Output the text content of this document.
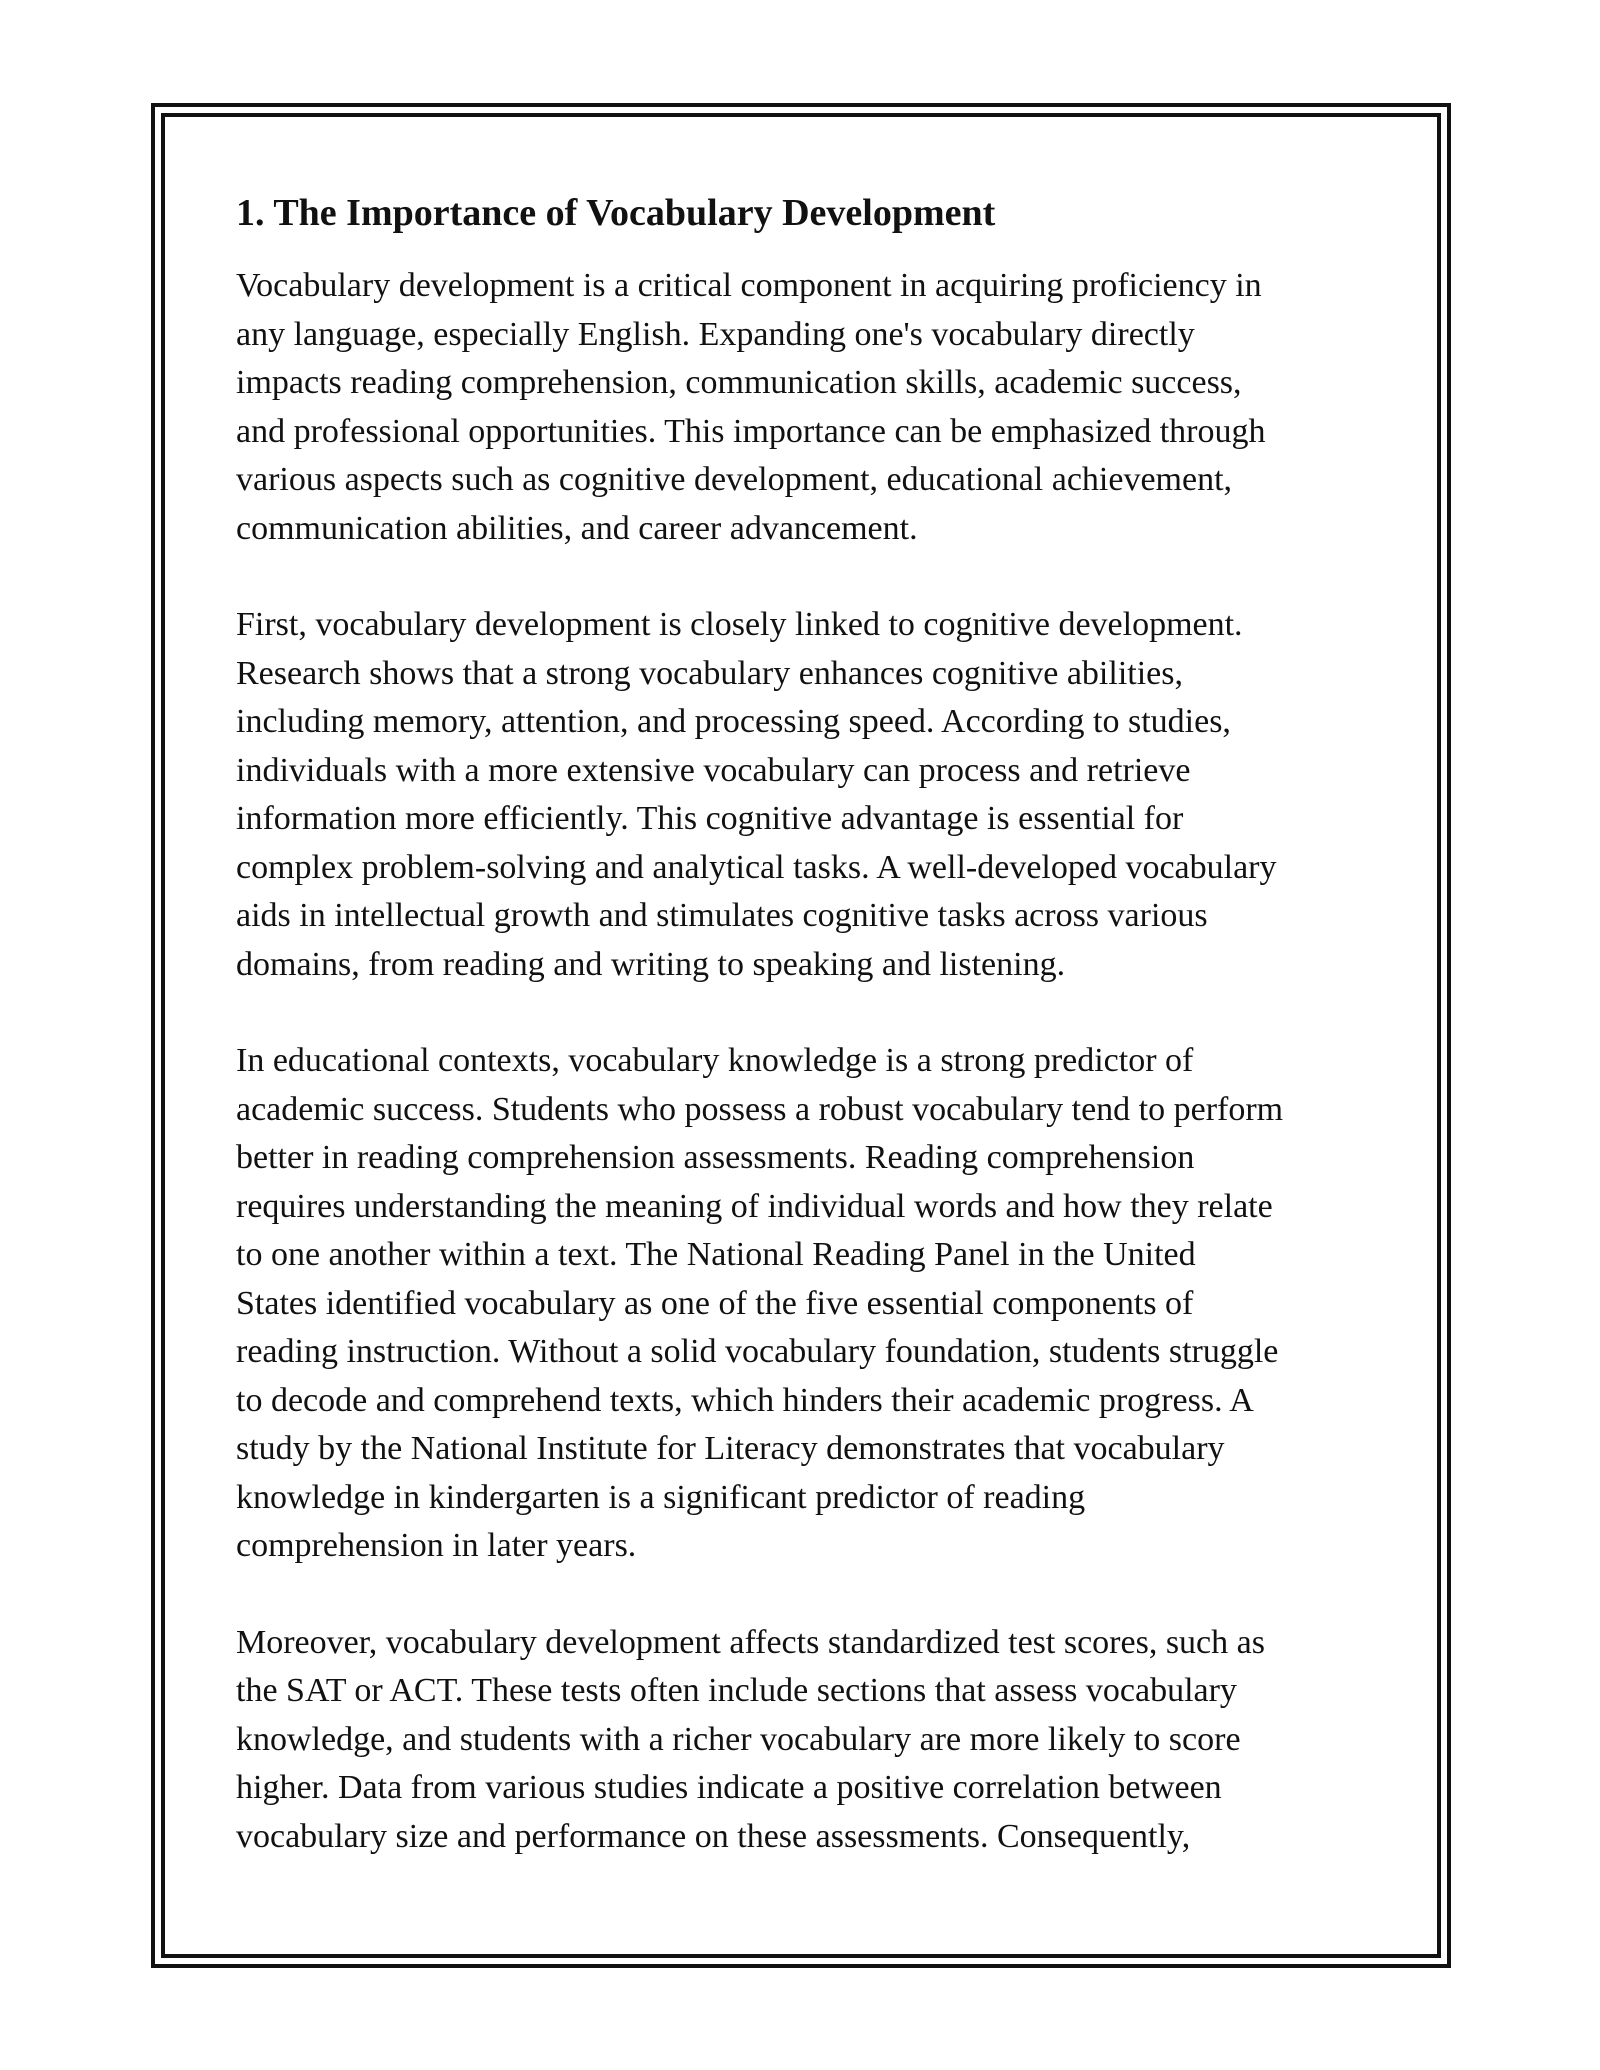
1. The Importance of Vocabulary Development

Vocabulary development is a critical component in acquiring proficiency in
any language, especially English. Expanding one's vocabulary directly
impacts reading comprehension, communication skills, academic success,
and professional opportunities. This importance can be emphasized through
various aspects such as cognitive development, educational achievement,
communication abilities, and career advancement.

First, vocabulary development is closely linked to cognitive development.
Research shows that a strong vocabulary enhances cognitive abilities,
including memory, attention, and processing speed. According to studies,
individuals with a more extensive vocabulary can process and retrieve
information more efficiently. This cognitive advantage is essential for
complex problem-solving and analytical tasks. A well-developed vocabulary
aids in intellectual growth and stimulates cognitive tasks across various
domains, from reading and writing to speaking and listening.

In educational contexts, vocabulary knowledge is a strong predictor of
academic success. Students who possess a robust vocabulary tend to perform
better in reading comprehension assessments. Reading comprehension
requires understanding the meaning of individual words and how they relate
to one another within a text. The National Reading Panel in the United
States identified vocabulary as one of the five essential components of
reading instruction. Without a solid vocabulary foundation, students struggle
to decode and comprehend texts, which hinders their academic progress. A
study by the National Institute for Literacy demonstrates that vocabulary
knowledge in kindergarten is a significant predictor of reading
comprehension in later years.

Moreover, vocabulary development affects standardized test scores, such as
the SAT or ACT. These tests often include sections that assess vocabulary
knowledge, and students with a richer vocabulary are more likely to score
higher. Data from various studies indicate a positive correlation between
vocabulary size and performance on these assessments. Consequently,
